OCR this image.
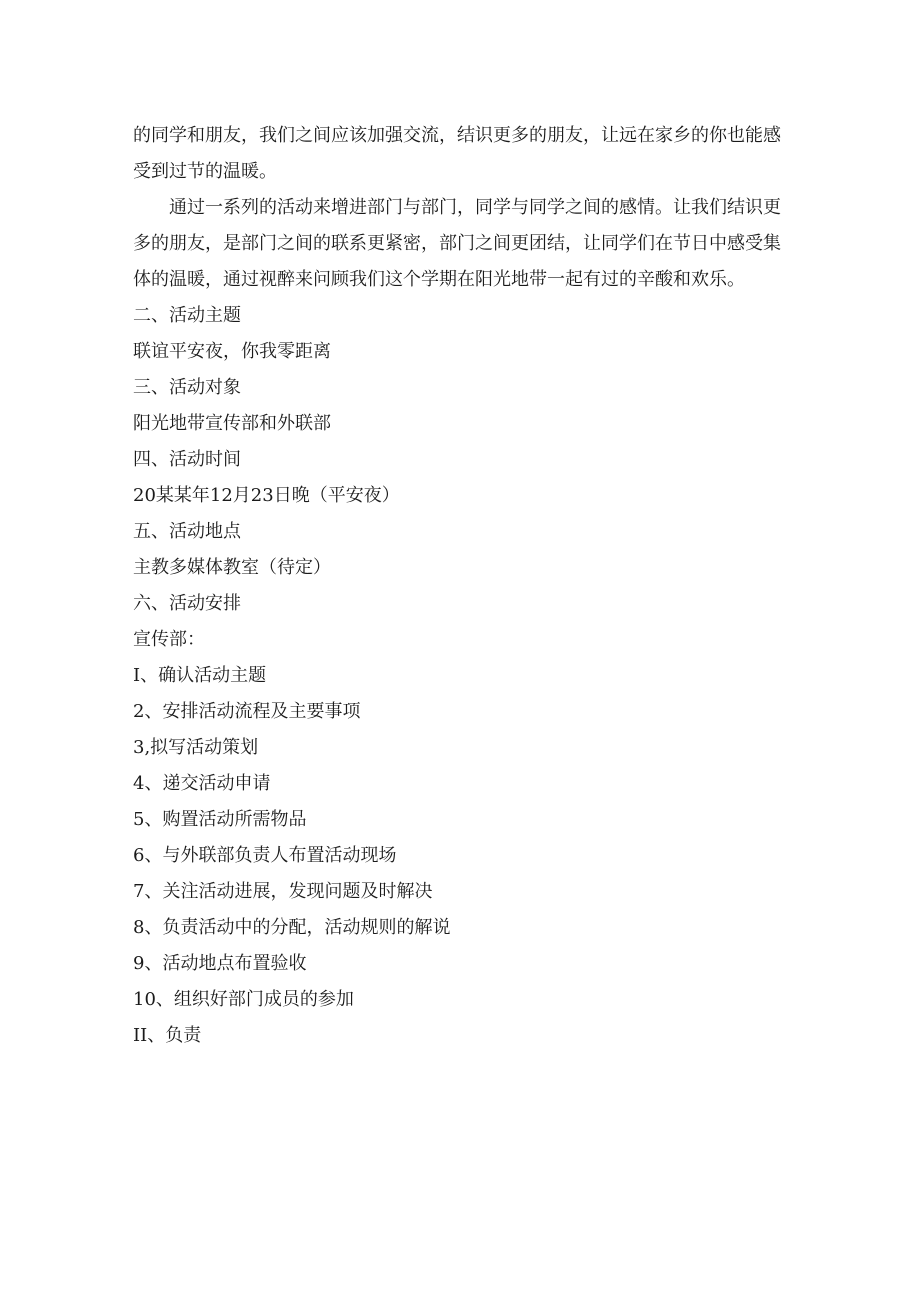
的同学和朋友，我们之间应该加强交流，结识更多的朋友，让远在家乡的你也能感受到过节的温暖。

通过一系列的活动来增进部门与部门，同学与同学之间的感情。让我们结识更多的朋友，是部门之间的联系更紧密，部门之间更团结，让同学们在节日中感受集体的温暖，通过视醉来问顾我们这个学期在阳光地带一起有过的辛酸和欢乐。

二、活动主题

联谊平安夜，你我零距离

三、活动对象

阳光地带宣传部和外联部

四、活动时间

20某某年12月23日晚（平安夜）

五、活动地点

主教多媒体教室（待定）

六、活动安排

宣传部：

I、确认活动主题

2、安排活动流程及主要事项

3,拟写活动策划

4、递交活动申请

5、购置活动所需物品

6、与外联部负责人布置活动现场

7、关注活动进展，发现问题及时解决

8、负责活动中的分配，活动规则的解说

9、活动地点布置验收

10、组织好部门成员的参加

II、负责
